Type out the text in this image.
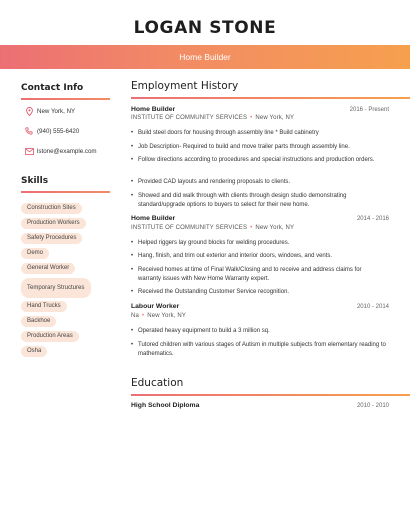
LOGAN STONE
Home Builder
Contact Info
New York, NY
(940) 555-6420
lstone@example.com
Skills
Construction Sites
Production Workers
Safety Procedures
Demo
General Worker
Temporary Structures
Hand Trucks
Backhoe
Production Areas
Osha
Employment History
Home Builder	2016 - Present
INSTITUTE OF COMMUNITY SERVICES • New York, NY
• Build steel doors for housing through assembly line * Build cabinetry
• Job Description- Required to build and move trailer parts through assembly line.
• Follow directions according to procedures and special instructions and production orders.
• Provided CAD layouts and rendering proposals to clients.
• Showed and did walk through with clients through design studio demonstrating standard/upgrade options to buyers to select for their new home.
Home Builder	2014 - 2016
INSTITUTE OF COMMUNITY SERVICES • New York, NY
• Helped riggers lay ground blocks for welding procedures.
• Hang, finish, and trim out exterior and interior doors, windows, and vents.
• Received homes at time of Final Walk/Closing and to receive and address claims for warranty issues with New Home Warranty expert.
• Received the Outstanding Customer Service recognition.
Labour Worker	2010 - 2014
Na • New York, NY
• Operated heavy equipment to build a 3 million sq.
• Tutored children with various stages of Autism in multiple subjects from elementary reading to mathematics.
Education
High School Diploma	2010 - 2010
